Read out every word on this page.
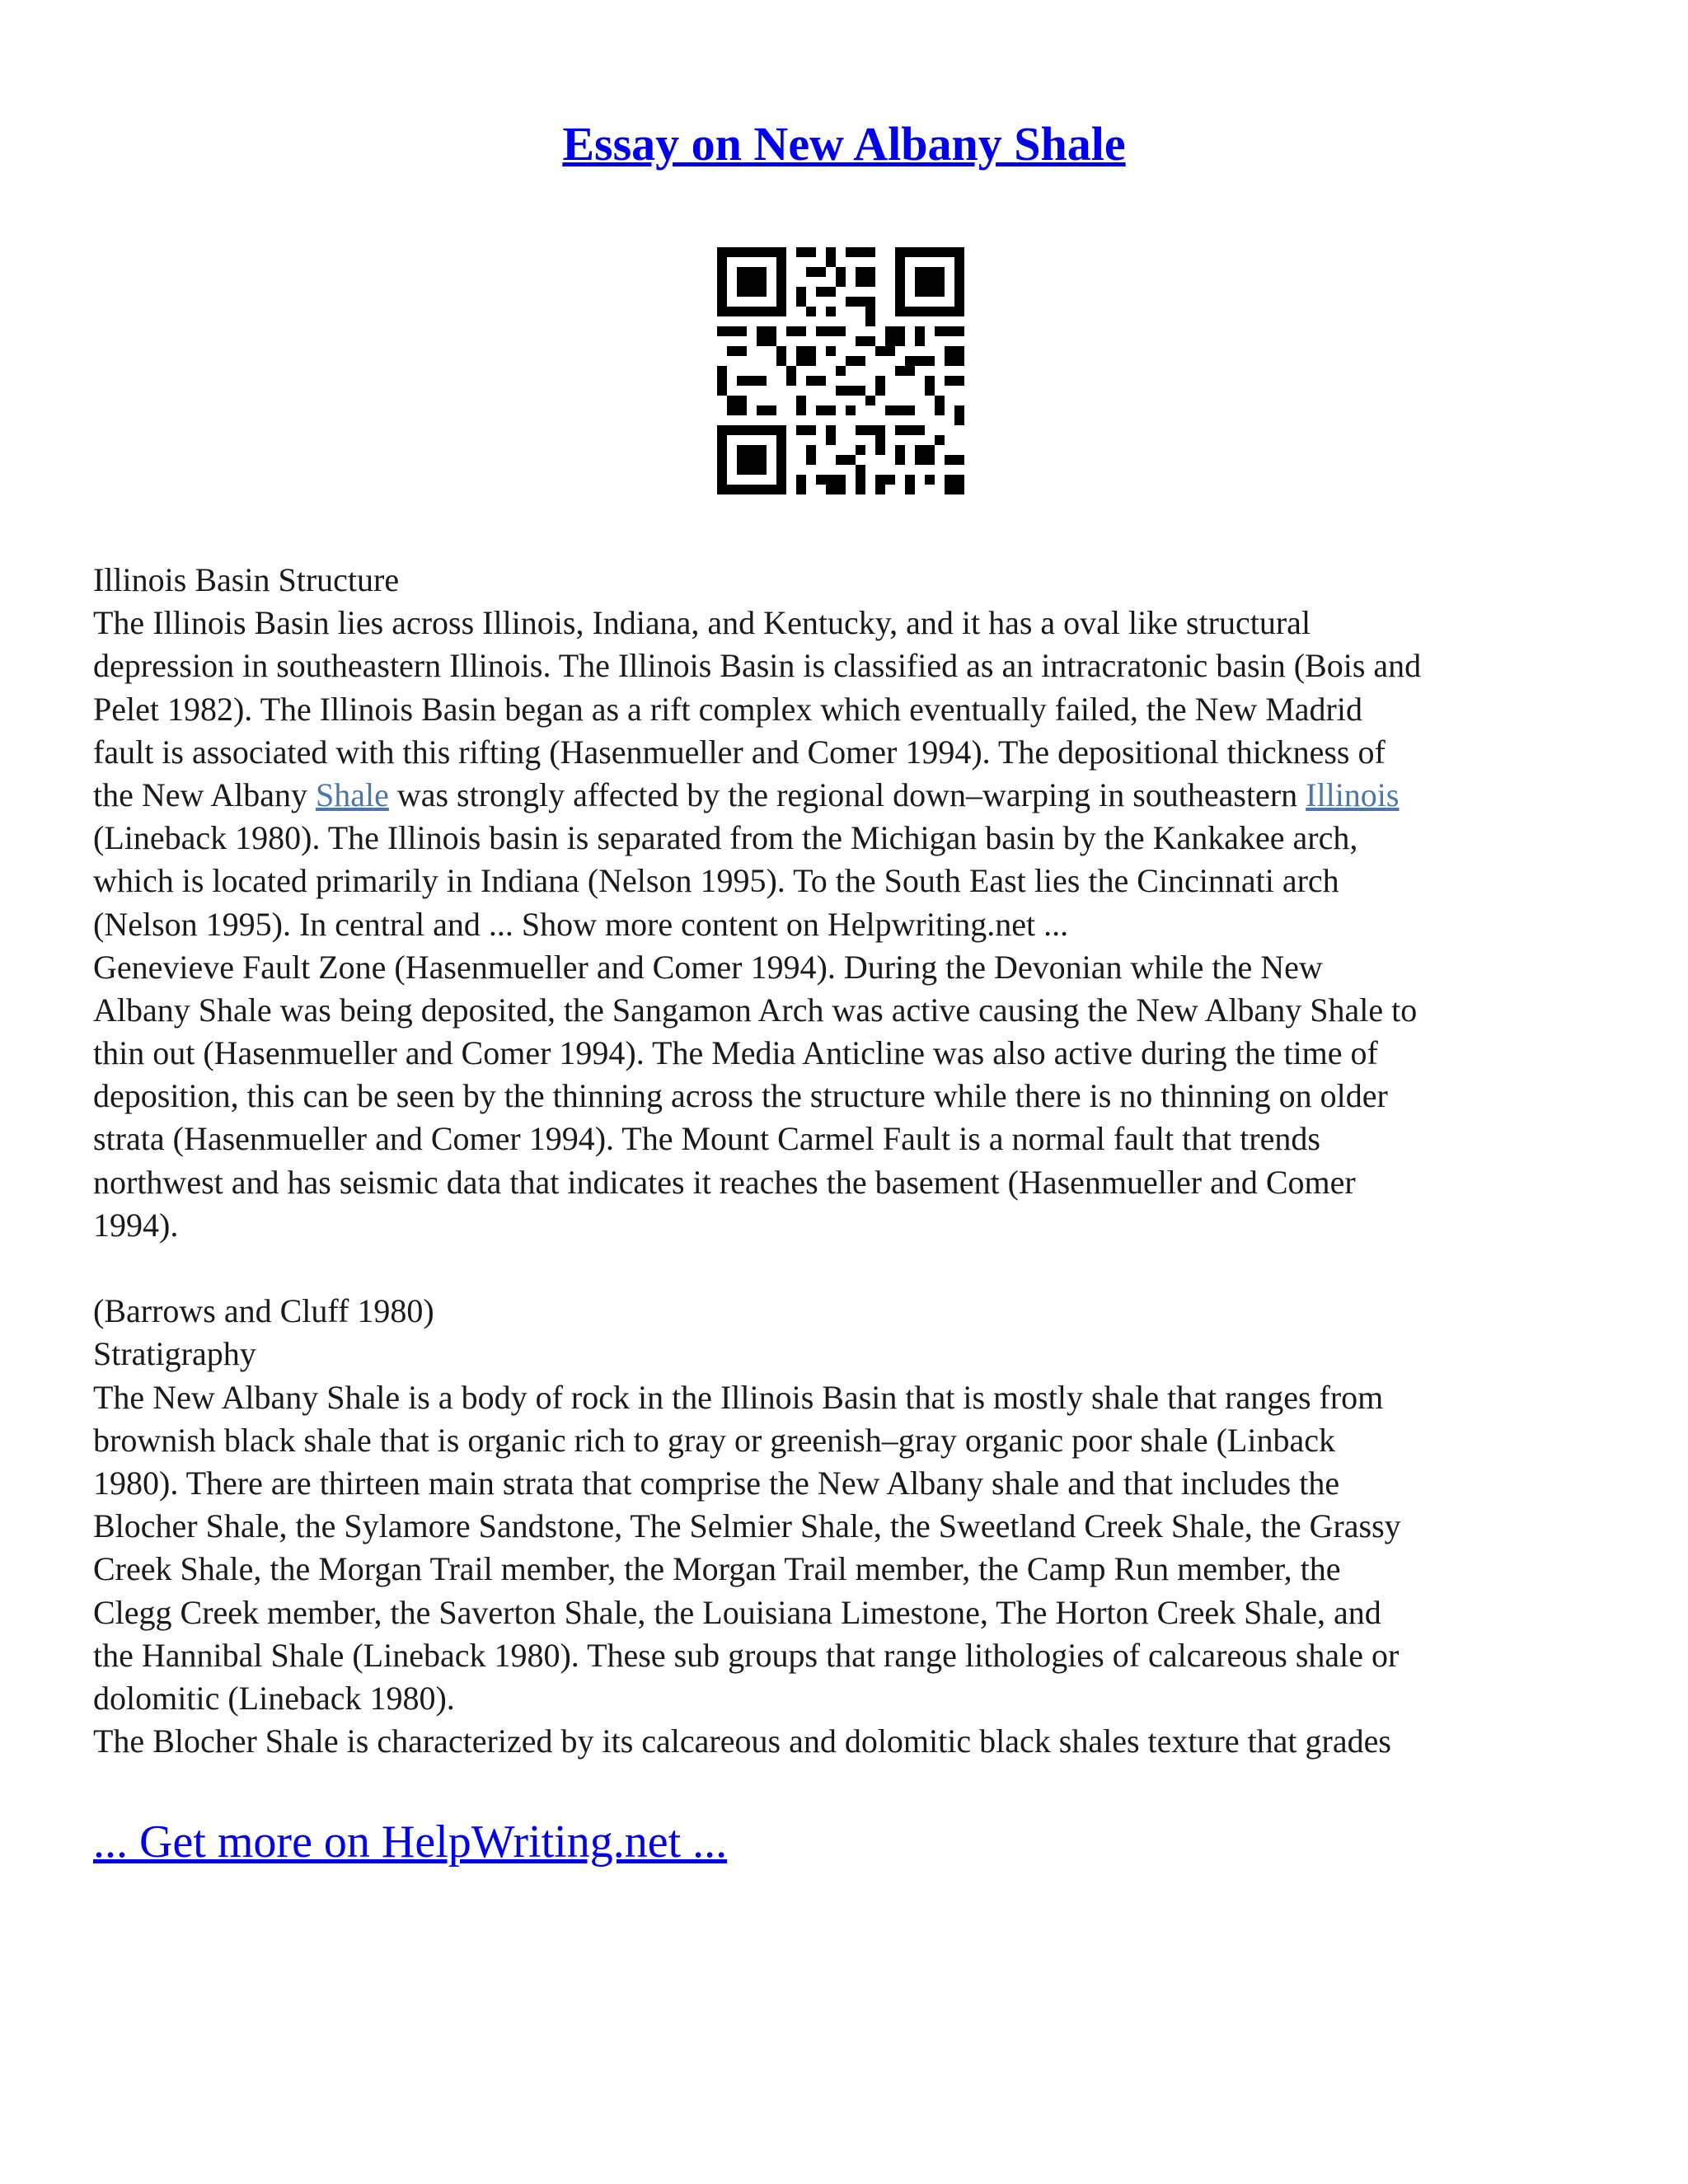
Essay on New Albany Shale
Illinois Basin Structure
The Illinois Basin lies across Illinois, Indiana, and Kentucky, and it has a oval like structural
depression in southeastern Illinois. The Illinois Basin is classified as an intracratonic basin (Bois and
Pelet 1982). The Illinois Basin began as a rift complex which eventually failed, the New Madrid
fault is associated with this rifting (Hasenmueller and Comer 1994). The depositional thickness of
the New Albany Shale was strongly affected by the regional down–warping in southeastern Illinois
(Lineback 1980). The Illinois basin is separated from the Michigan basin by the Kankakee arch,
which is located primarily in Indiana (Nelson 1995). To the South East lies the Cincinnati arch
(Nelson 1995). In central and ... Show more content on Helpwriting.net ...
Genevieve Fault Zone (Hasenmueller and Comer 1994). During the Devonian while the New
Albany Shale was being deposited, the Sangamon Arch was active causing the New Albany Shale to
thin out (Hasenmueller and Comer 1994). The Media Anticline was also active during the time of
deposition, this can be seen by the thinning across the structure while there is no thinning on older
strata (Hasenmueller and Comer 1994). The Mount Carmel Fault is a normal fault that trends
northwest and has seismic data that indicates it reaches the basement (Hasenmueller and Comer
1994).
(Barrows and Cluff 1980)
Stratigraphy
The New Albany Shale is a body of rock in the Illinois Basin that is mostly shale that ranges from
brownish black shale that is organic rich to gray or greenish–gray organic poor shale (Linback
1980). There are thirteen main strata that comprise the New Albany shale and that includes the
Blocher Shale, the Sylamore Sandstone, The Selmier Shale, the Sweetland Creek Shale, the Grassy
Creek Shale, the Morgan Trail member, the Morgan Trail member, the Camp Run member, the
Clegg Creek member, the Saverton Shale, the Louisiana Limestone, The Horton Creek Shale, and
the Hannibal Shale (Lineback 1980). These sub groups that range lithologies of calcareous shale or
dolomitic (Lineback 1980).
The Blocher Shale is characterized by its calcareous and dolomitic black shales texture that grades
... Get more on HelpWriting.net ...
